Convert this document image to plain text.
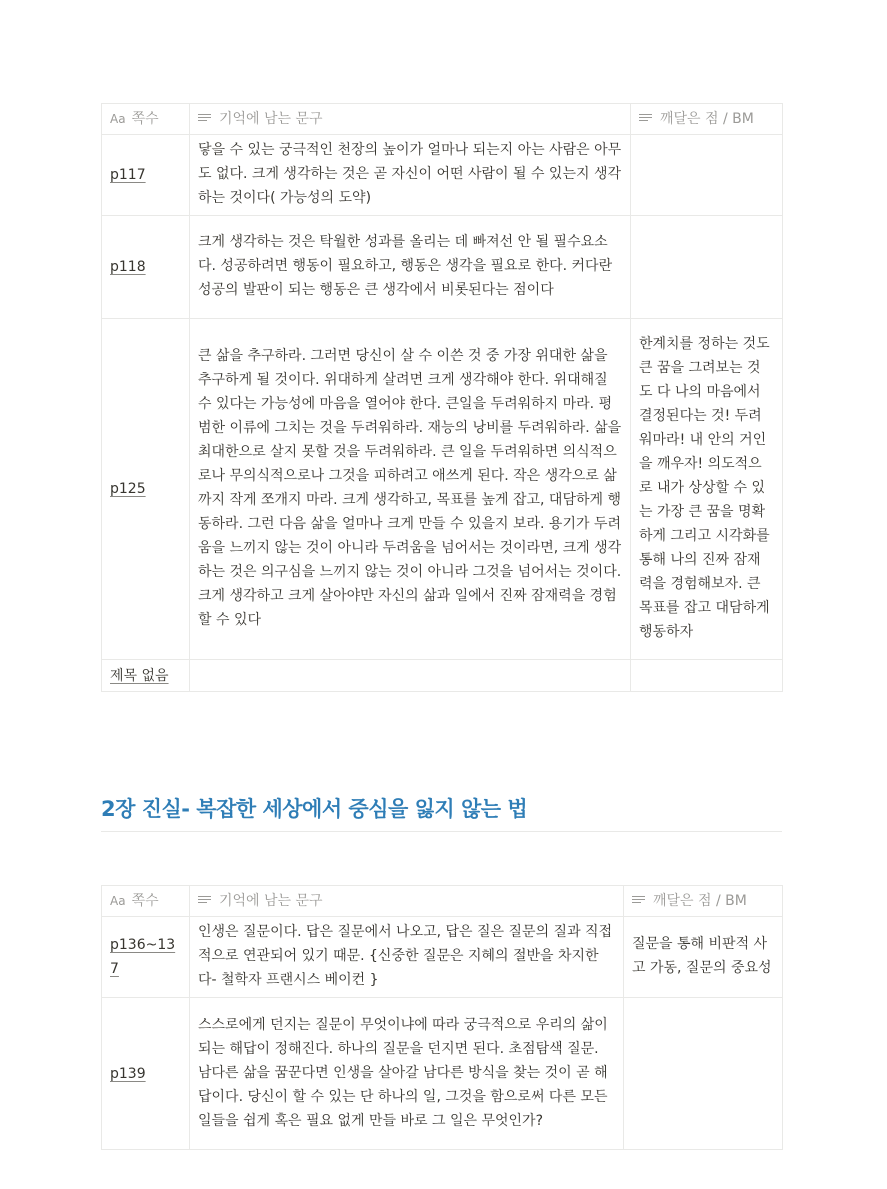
Aa 쪽수	기억에 남는 문구	깨달은 점 / BM
p117	닿을 수 있는 궁극적인 천장의 높이가 얼마나 되는지 아는 사람은 아무도 없다. 크게 생각하는 것은 곧 자신이 어떤 사람이 될 수 있는지 생각하는 것이다( 가능성의 도약)	
p118	크게 생각하는 것은 탁월한 성과를 올리는 데 빠져선 안 될 필수요소다. 성공하려면 행동이 필요하고, 행동은 생각을 필요로 한다. 커다란 성공의 발판이 되는 행동은 큰 생각에서 비롯된다는 점이다	
p125	큰 삶을 추구하라. 그러면 당신이 살 수 이쓴 것 중 가장 위대한 삶을 추구하게 될 것이다. 위대하게 살려면 크게 생각해야 한다. 위대해질 수 있다는 가능성에 마음을 열어야 한다. 큰일을 두려워하지 마라. 평범한 이류에 그치는 것을 두려워하라. 재능의 낭비를 두려워하라. 삶을 최대한으로 살지 못할 것을 두려워하라. 큰 일을 두려워하면 의식적으로나 무의식적으로나 그것을 피하려고 애쓰게 된다. 작은 생각으로 삶까지 작게 쪼개지 마라. 크게 생각하고, 목표를 높게 잡고, 대담하게 행동하라. 그런 다음 삶을 얼마나 크게 만들 수 있을지 보라. 용기가 두려움을 느끼지 않는 것이 아니라 두려움을 넘어서는 것이라면, 크게 생각하는 것은 의구심을 느끼지 않는 것이 아니라 그것을 넘어서는 것이다. 크게 생각하고 크게 살아야만 자신의 삶과 일에서 진짜 잠재력을 경험할 수 있다	한계치를 정하는 것도 큰 꿈을 그려보는 것도 다 나의 마음에서 결정된다는 것! 두려워마라! 내 안의 거인을 깨우자! 의도적으로 내가 상상할 수 있는 가장 큰 꿈을 명확하게 그리고 시각화를 통해 나의 진짜 잠재력을 경험해보자. 큰 목표를 잡고 대담하게 행동하자
제목 없음		
2장 진실- 복잡한 세상에서 중심을 잃지 않는 법
Aa 쪽수	기억에 남는 문구	깨달은 점 / BM
p136~137	인생은 질문이다. 답은 질문에서 나오고, 답은 질은 질문의 질과 직접적으로 연관되어 있기 때문. {신중한 질문은 지혜의 절반을 차지한다- 철학자 프랜시스 베이컨 }	질문을 통해 비판적 사고 가동, 질문의 중요성
p139	스스로에게 던지는 질문이 무엇이냐에 따라 궁극적으로 우리의 삶이 되는 해답이 정해진다. 하나의 질문을 던지면 된다. 초점탐색 질문. 남다른 삶을 꿈꾼다면 인생을 살아갈 남다른 방식을 찾는 것이 곧 해답이다. 당신이 할 수 있는 단 하나의 일, 그것을 함으로써 다른 모든 일들을 쉽게 혹은 필요 없게 만들 바로 그 일은 무엇인가?	
